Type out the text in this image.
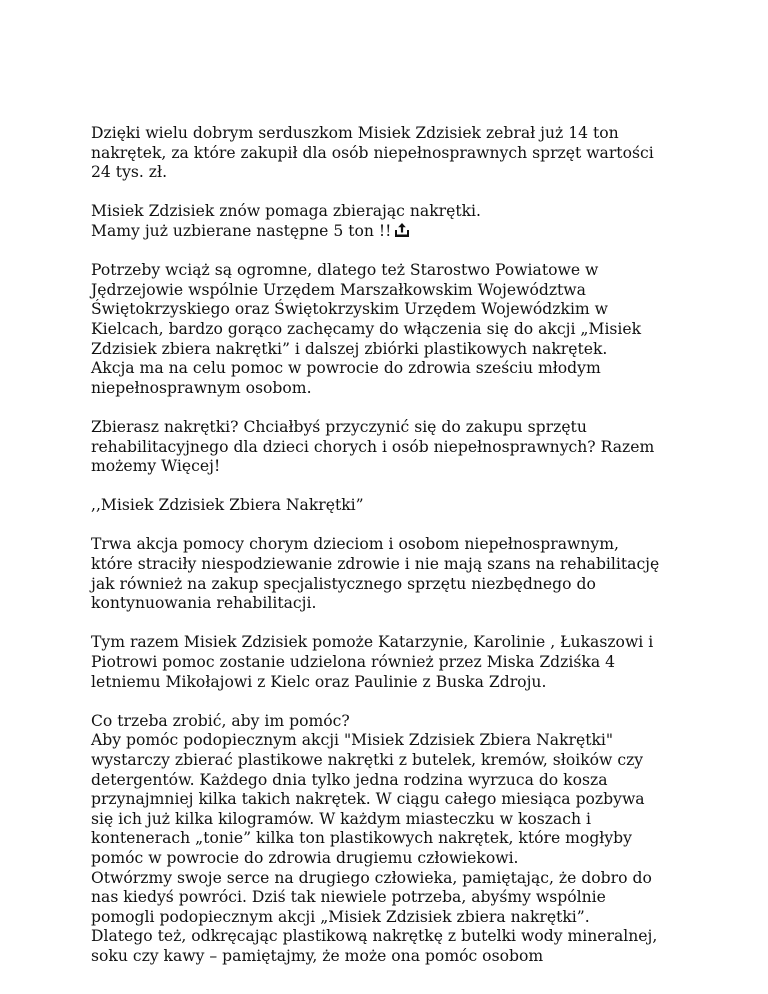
Dzięki wielu dobrym serduszkom Misiek Zdzisiek zebrał już 14 ton
nakrętek, za które zakupił dla osób niepełnosprawnych sprzęt wartości
24 tys. zł.

Misiek Zdzisiek znów pomaga zbierając nakrętki.
Mamy już uzbierane następne 5 ton !!

Potrzeby wciąż są ogromne, dlatego też Starostwo Powiatowe w
Jędrzejowie wspólnie Urzędem Marszałkowskim Województwa
Świętokrzyskiego oraz Świętokrzyskim Urzędem Wojewódzkim w
Kielcach, bardzo gorąco zachęcamy do włączenia się do akcji „Misiek
Zdzisiek zbiera nakrętki” i dalszej zbiórki plastikowych nakrętek.
Akcja ma na celu pomoc w powrocie do zdrowia sześciu młodym
niepełnosprawnym osobom.

Zbierasz nakrętki? Chciałbyś przyczynić się do zakupu sprzętu
rehabilitacyjnego dla dzieci chorych i osób niepełnosprawnych? Razem
możemy Więcej!

,,Misiek Zdzisiek Zbiera Nakrętki”

Trwa akcja pomocy chorym dzieciom i osobom niepełnosprawnym,
które straciły niespodziewanie zdrowie i nie mają szans na rehabilitację
jak również na zakup specjalistycznego sprzętu niezbędnego do
kontynuowania rehabilitacji.

Tym razem Misiek Zdzisiek pomoże Katarzynie, Karolinie , Łukaszowi i
Piotrowi pomoc zostanie udzielona również przez Miska Zdziśka 4
letniemu Mikołajowi z Kielc oraz Paulinie z Buska Zdroju.

Co trzeba zrobić, aby im pomóc?
Aby pomóc podopiecznym akcji "Misiek Zdzisiek Zbiera Nakrętki"
wystarczy zbierać plastikowe nakrętki z butelek, kremów, słoików czy
detergentów. Każdego dnia tylko jedna rodzina wyrzuca do kosza
przynajmniej kilka takich nakrętek. W ciągu całego miesiąca pozbywa
się ich już kilka kilogramów. W każdym miasteczku w koszach i
kontenerach „tonie” kilka ton plastikowych nakrętek, które mogłyby
pomóc w powrocie do zdrowia drugiemu człowiekowi.
Otwórzmy swoje serce na drugiego człowieka, pamiętając, że dobro do
nas kiedyś powróci. Dziś tak niewiele potrzeba, abyśmy wspólnie
pomogli podopiecznym akcji „Misiek Zdzisiek zbiera nakrętki”.
Dlatego też, odkręcając plastikową nakrętkę z butelki wody mineralnej,
soku czy kawy – pamiętajmy, że może ona pomóc osobom
